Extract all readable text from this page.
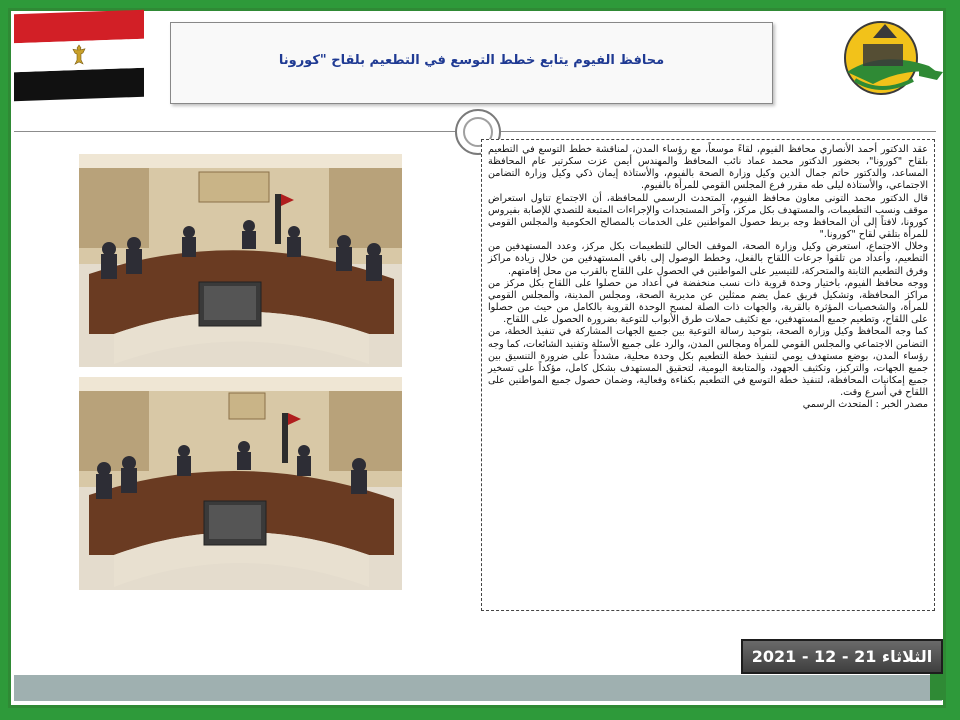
محافظ الفيوم يتابع خطط التوسع في التطعيم بلقاح "كورونا

عقد الدكتور أحمد الأنصاري محافظ الفيوم، لقاءً موسعاً، مع رؤساء المدن، لمناقشة خطط التوسع في التطعيم بلقاح "كورونا"، بحضور الدكتور محمد عماد نائب المحافظ والمهندس أيمن عزت سكرتير عام المحافظة المساعد، والدكتور حاتم جمال الدين وكيل وزارة الصحة بالفيوم، والأستاذة إيمان ذكي وكيل وزارة التضامن الاجتماعي، والأستاذة ليلى طه مقرر فرع المجلس القومي للمرأة بالفيوم.

قال الدكتور محمد التونى معاون محافظ الفيوم، المتحدث الرسمي للمحافظة، أن الاجتماع تناول استعراض موقف ونسب التطعيمات، والمستهدف بكل مركز، وآخر المستجدات والإجراءات المتبعة للتصدي للإصابة بفيروس كورونا، لافتاً إلى أن المحافظ وجه بربط حصول المواطنين على الخدمات بالمصالح الحكومية والمجلس القومي للمرأة بتلقي لقاح "كورونا."

وخلال الاجتماع، استعرض وكيل وزارة الصحة، الموقف الحالي للتطعيمات بكل مركز، وعدد المستهدفين من التطعيم، وأعداد من تلقوا جرعات اللقاح بالفعل، وخطط الوصول إلى باقي المستهدفين من خلال زيادة مراكز وفرق التطعيم الثابتة والمتحركة، للتيسير على المواطنين في الحصول على اللقاح بالقرب من محل إقامتهم.

ووجه محافظ الفيوم، باختيار وحدة قروية ذات نسب منخفضة في أعداد من حصلوا على اللقاح بكل مركز من مراكز المحافظة، وتشكيل فريق عمل يضم ممثلين عن مديرية الصحة، ومجلس المدينة، والمجلس القومي للمرأة، والشخصيات المؤثرة بالقرية، والجهات ذات الصلة لمسح الوحدة القروية بالكامل من حيث من حصلوا على اللقاح، وتطعيم جميع المستهدفين، مع تكثيف حملات طرق الأبواب للتوعية بضرورة الحصول على اللقاح.

كما وجه المحافظ وكيل وزارة الصحة، بتوحيد رسالة التوعية بين جميع الجهات المشاركة في تنفيذ الخطة، من التضامن الاجتماعي والمجلس القومي للمرأة ومجالس المدن، والرد على جميع الأسئلة وتفنيد الشائعات، كما وجه رؤساء المدن، بوضع مستهدف يومي لتنفيذ خطة التطعيم بكل وحدة محلية، مشدداً على ضرورة التنسيق بين جميع الجهات، والتركيز، وتكثيف الجهود، والمتابعة اليومية، لتحقيق المستهدف بشكل كامل، مؤكداً على تسخير جميع إمكانيات المحافظة، لتنفيذ خطة التوسع في التطعيم بكفاءة وفعالية، وضمان حصول جميع المواطنين على اللقاح في أسرع وقت.

مصدر الخبر : المتحدث الرسمي

الثلاثاء 21 - 12 - 2021
